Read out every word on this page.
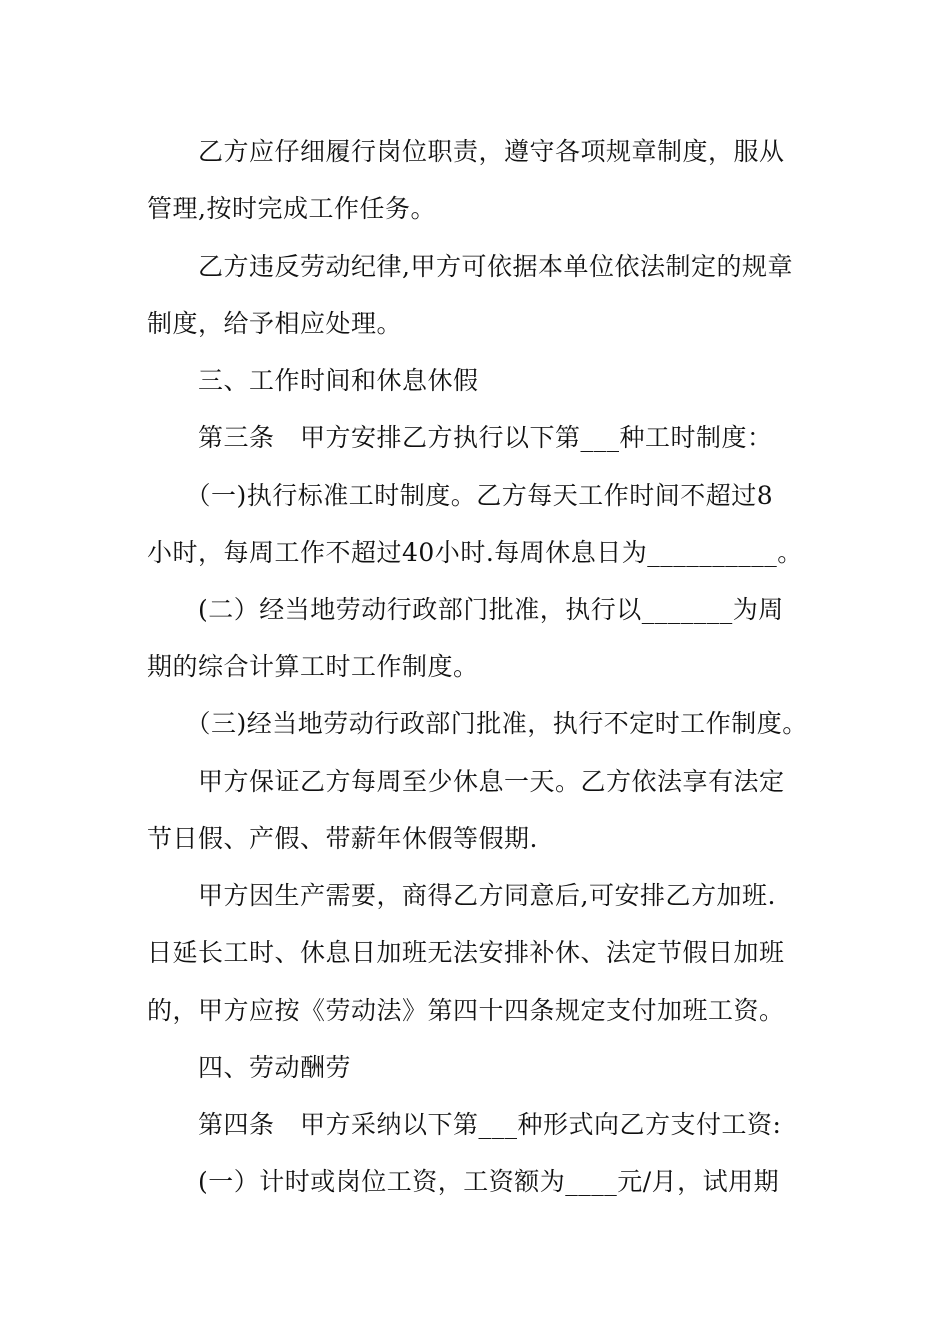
　　乙方应仔细履行岗位职责，遵守各项规章制度，服从
管理,按时完成工作任务。
　　乙方违反劳动纪律,甲方可依据本单位依法制定的规章
制度，给予相应处理。
　　三、工作时间和休息休假
　　第三条　甲方安排乙方执行以下第___种工时制度：
　　（一)执行标准工时制度。乙方每天工作时间不超过8
小时，每周工作不超过40小时.每周休息日为__________。
　　(二）经当地劳动行政部门批准，执行以_______为周
期的综合计算工时工作制度。
　　（三)经当地劳动行政部门批准，执行不定时工作制度。
　　甲方保证乙方每周至少休息一天。乙方依法享有法定
节日假、产假、带薪年休假等假期.
　　甲方因生产需要，商得乙方同意后,可安排乙方加班.
日延长工时、休息日加班无法安排补休、法定节假日加班
的，甲方应按《劳动法》第四十四条规定支付加班工资。
　　四、劳动酬劳
　　第四条　甲方采纳以下第___种形式向乙方支付工资:
　　(一）计时或岗位工资，工资额为____元/月，试用期
